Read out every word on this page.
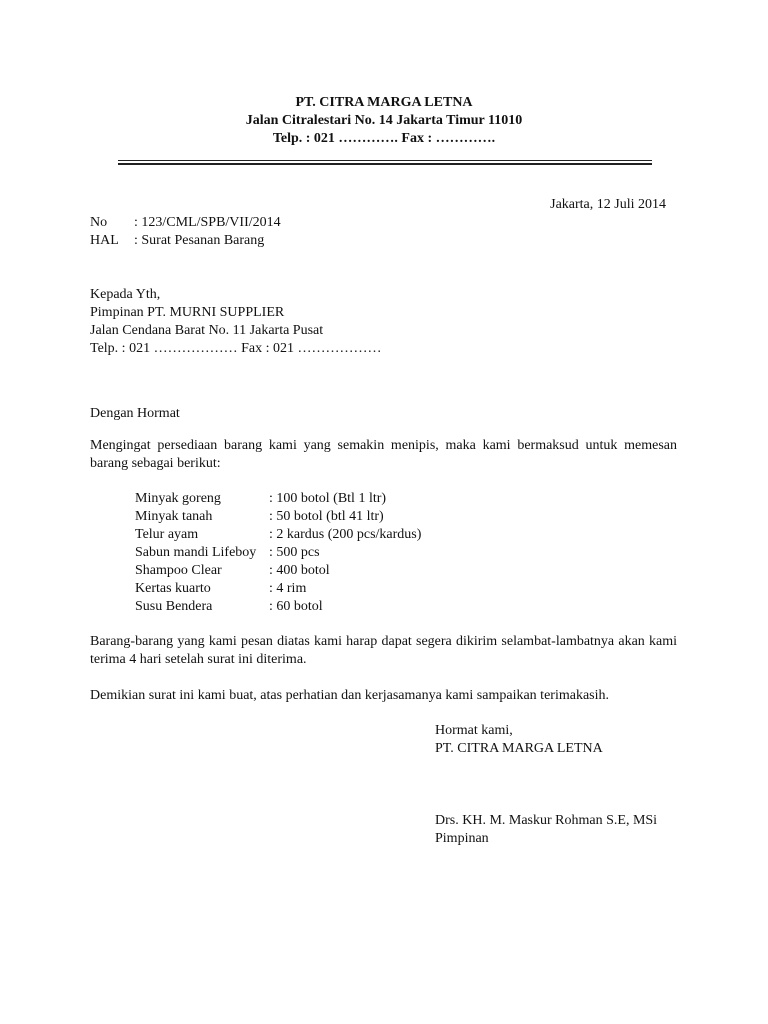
PT. CITRA MARGA LETNA
Jalan Citralestari No. 14 Jakarta Timur 11010
Telp. : 021 …………. Fax : ………….
Jakarta, 12 Juli 2014
No	: 123/CML/SPB/VII/2014
HAL	: Surat Pesanan Barang
Kepada Yth,
Pimpinan PT. MURNI SUPPLIER
Jalan Cendana Barat No. 11 Jakarta Pusat
Telp. : 021 ……………… Fax : 021 ………………
Dengan Hormat
Mengingat persediaan barang kami yang semakin menipis, maka kami bermaksud untuk memesan barang sebagai berikut:
Minyak goreng	: 100 botol (Btl 1 ltr)
Minyak tanah	: 50 botol (btl 41 ltr)
Telur ayam	: 2 kardus (200 pcs/kardus)
Sabun mandi Lifeboy : 500 pcs
Shampoo Clear	: 400 botol
Kertas kuarto	: 4 rim
Susu Bendera	: 60 botol
Barang-barang yang kami pesan diatas kami harap dapat segera dikirim selambat-lambatnya akan kami terima 4 hari setelah surat ini diterima.
Demikian surat ini kami buat, atas perhatian dan kerjasamanya kami sampaikan terimakasih.
Hormat kami,
PT. CITRA MARGA LETNA
Drs. KH. M. Maskur Rohman S.E, MSi
Pimpinan
